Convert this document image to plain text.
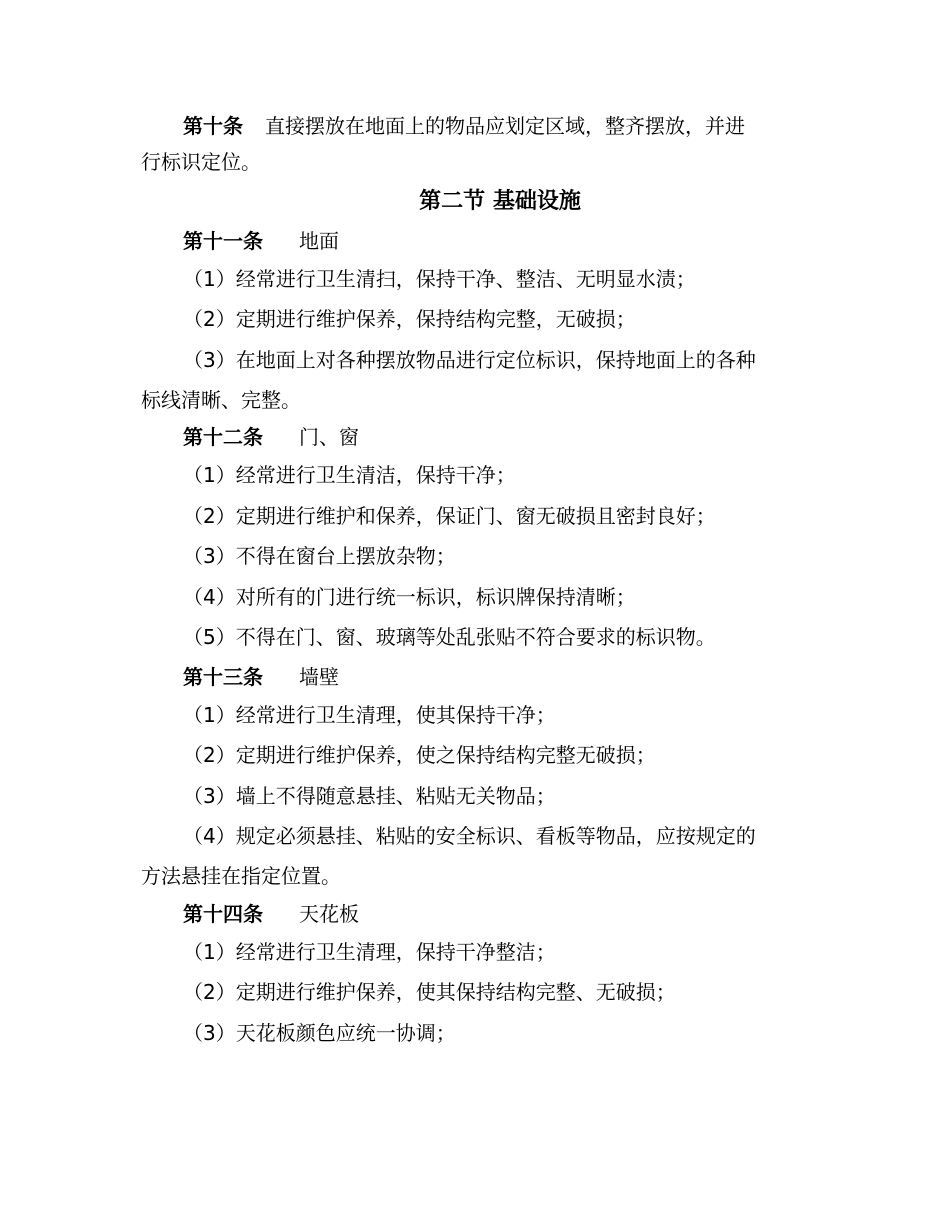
第十条 直接摆放在地面上的物品应划定区域，整齐摆放，并进
行标识定位。
第二节 基础设施
第十一条 地面
（1）经常进行卫生清扫，保持干净、整洁、无明显水渍；
（2）定期进行维护保养，保持结构完整，无破损；
（3）在地面上对各种摆放物品进行定位标识，保持地面上的各种
标线清晰、完整。
第十二条 门、窗
（1）经常进行卫生清洁，保持干净；
（2）定期进行维护和保养，保证门、窗无破损且密封良好；
（3）不得在窗台上摆放杂物；
（4）对所有的门进行统一标识，标识牌保持清晰；
（5）不得在门、窗、玻璃等处乱张贴不符合要求的标识物。
第十三条 墙壁
（1）经常进行卫生清理，使其保持干净；
（2）定期进行维护保养，使之保持结构完整无破损；
（3）墙上不得随意悬挂、粘贴无关物品；
（4）规定必须悬挂、粘贴的安全标识、看板等物品，应按规定的
方法悬挂在指定位置。
第十四条 天花板
（1）经常进行卫生清理，保持干净整洁；
（2）定期进行维护保养，使其保持结构完整、无破损；
（3）天花板颜色应统一协调；
